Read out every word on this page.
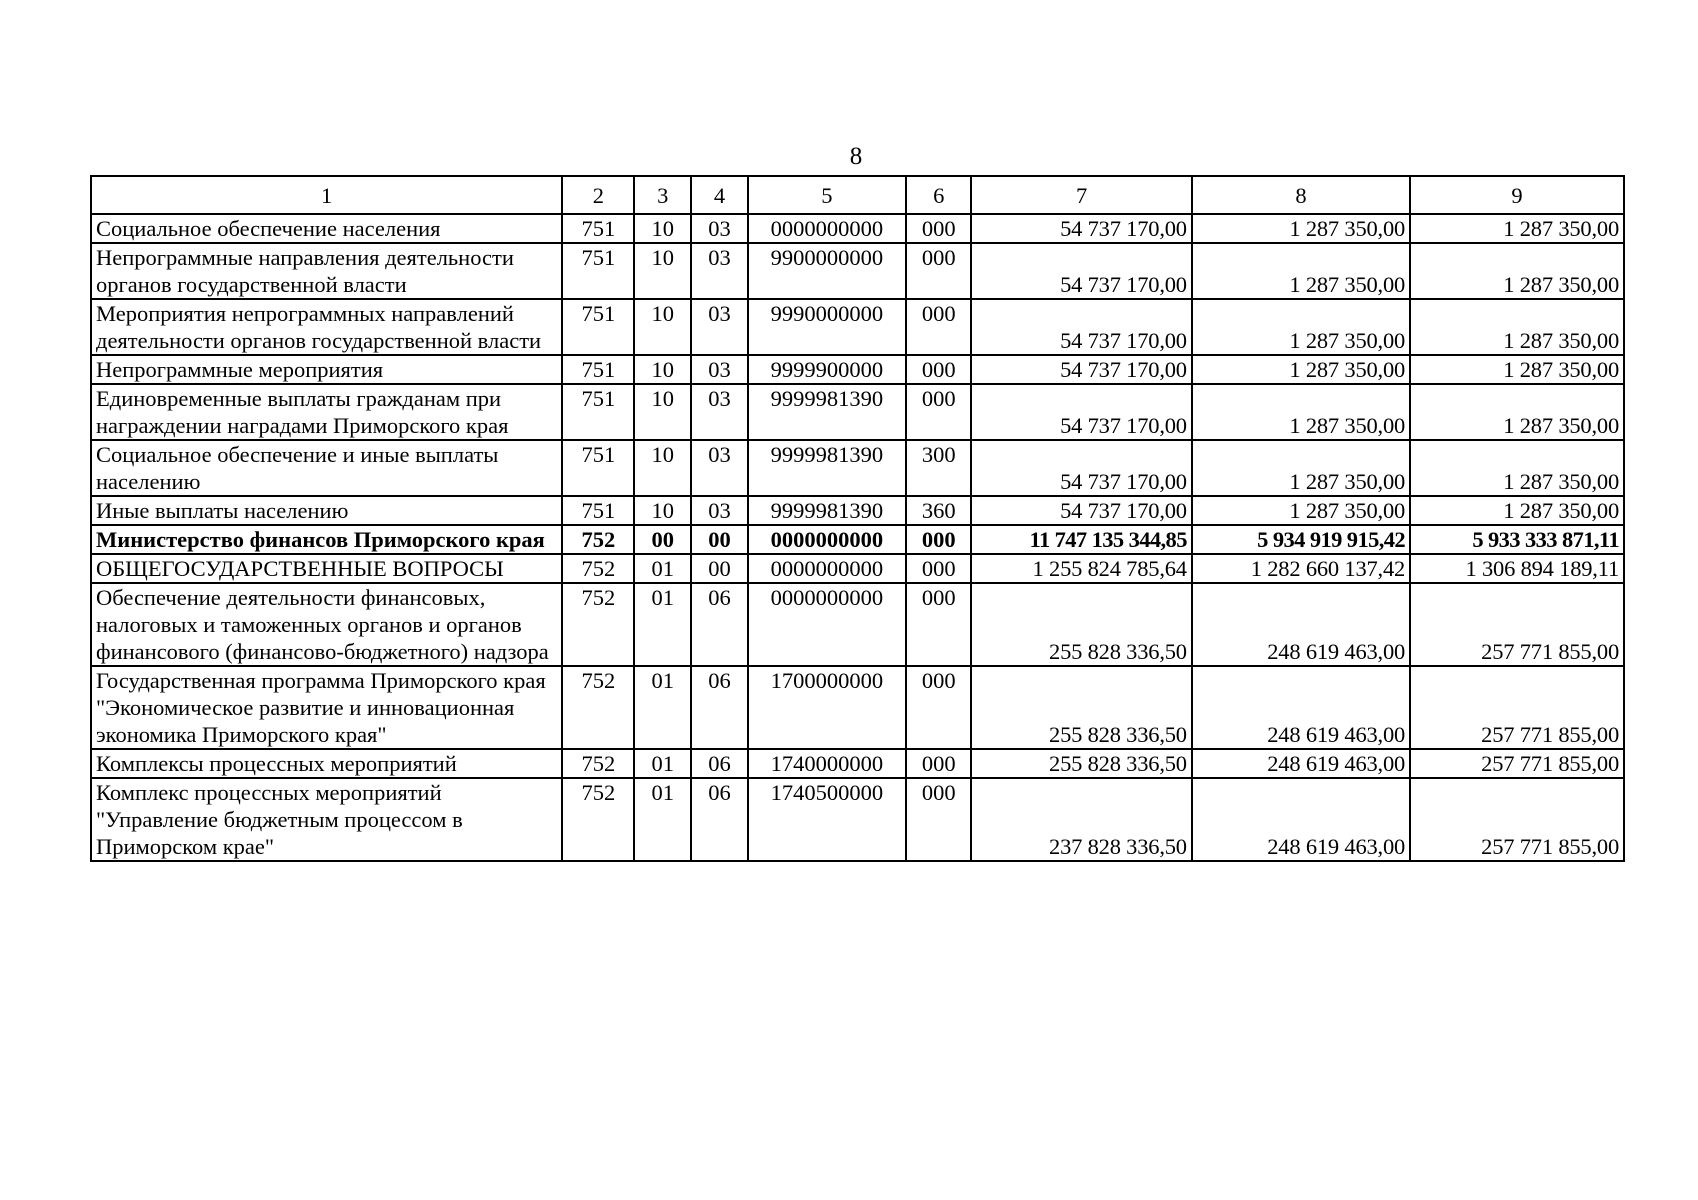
8
1	2	3	4	5	6	7	8	9
Социальное обеспечение населения	751	10	03	0000000000	000	54 737 170,00	1 287 350,00	1 287 350,00
Непрограммные направления деятельности органов государственной власти	751	10	03	9900000000	000	54 737 170,00	1 287 350,00	1 287 350,00
Мероприятия непрограммных направлений деятельности органов государственной власти	751	10	03	9990000000	000	54 737 170,00	1 287 350,00	1 287 350,00
Непрограммные мероприятия	751	10	03	9999900000	000	54 737 170,00	1 287 350,00	1 287 350,00
Единовременные выплаты гражданам при награждении наградами Приморского края	751	10	03	9999981390	000	54 737 170,00	1 287 350,00	1 287 350,00
Социальное обеспечение и иные выплаты населению	751	10	03	9999981390	300	54 737 170,00	1 287 350,00	1 287 350,00
Иные выплаты населению	751	10	03	9999981390	360	54 737 170,00	1 287 350,00	1 287 350,00
Министерство финансов Приморского края	752	00	00	0000000000	000	11 747 135 344,85	5 934 919 915,42	5 933 333 871,11
ОБЩЕГОСУДАРСТВЕННЫЕ ВОПРОСЫ	752	01	00	0000000000	000	1 255 824 785,64	1 282 660 137,42	1 306 894 189,11
Обеспечение деятельности финансовых, налоговых и таможенных органов и органов финансового (финансово-бюджетного) надзора	752	01	06	0000000000	000	255 828 336,50	248 619 463,00	257 771 855,00
Государственная программа Приморского края "Экономическое развитие и инновационная экономика Приморского края"	752	01	06	1700000000	000	255 828 336,50	248 619 463,00	257 771 855,00
Комплексы процессных мероприятий	752	01	06	1740000000	000	255 828 336,50	248 619 463,00	257 771 855,00
Комплекс процессных мероприятий "Управление бюджетным процессом в Приморском крае"	752	01	06	1740500000	000	237 828 336,50	248 619 463,00	257 771 855,00
